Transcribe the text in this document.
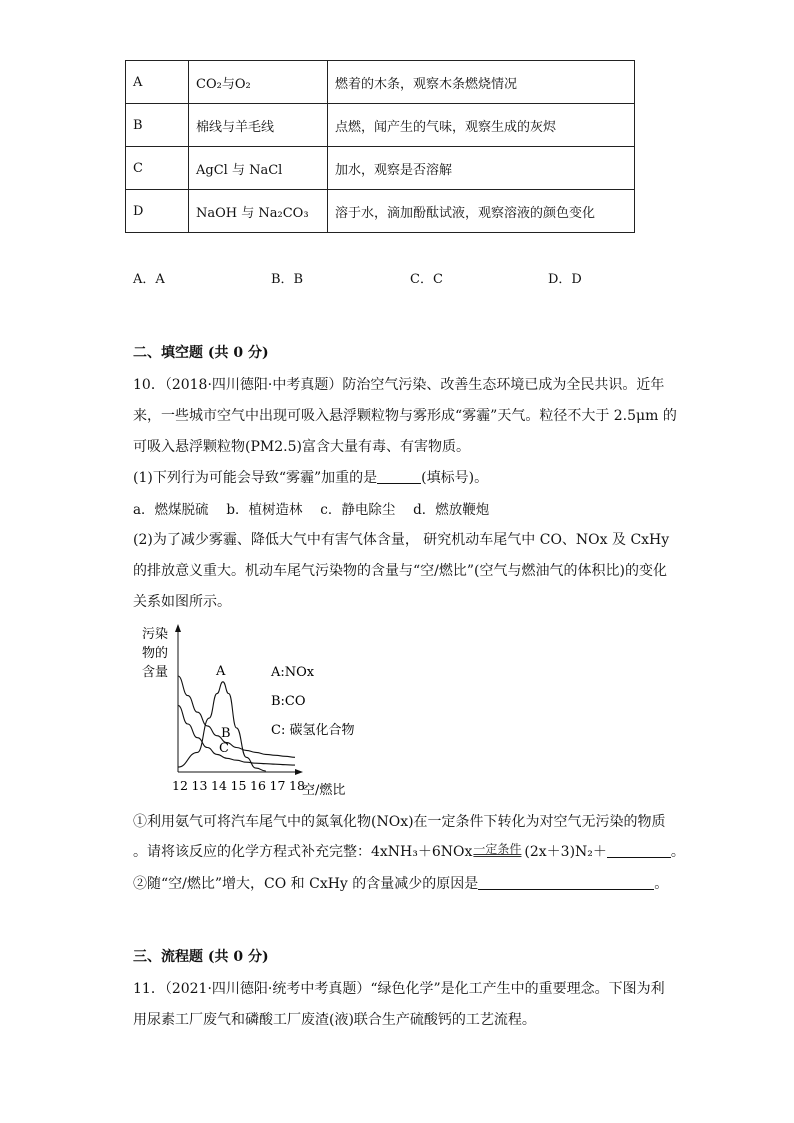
A	CO₂与O₂	燃着的木条，观察木条燃烧情况
B	棉线与羊毛线	点燃，闻产生的气味，观察生成的灰烬
C	AgCl 与 NaCl	加水，观察是否溶解
D	NaOH 与 Na₂CO₃	溶于水，滴加酚酞试液，观察溶液的颜色变化
A．A	B．B	C．C	D．D
二、填空题 (共 0 分)
10．（2018·四川德阳·中考真题）防治空气污染、改善生态环境已成为全民共识。近年
来，一些城市空气中出现可吸入悬浮颗粒物与雾形成“雾霾”天气。粒径不大于 2.5μm 的
可吸入悬浮颗粒物(PM2.5)富含大量有毒、有害物质。
(1)下列行为可能会导致“雾霾”加重的是	(填标号)。
a．燃煤脱硫　 b．植树造林　 c．静电除尘　 d．燃放鞭炮
(2)为了减少雾霾、降低大气中有害气体含量， 研究机动车尾气中 CO、NOx 及 CxHy
的排放意义重大。机动车尾气污染物的含量与“空/燃比”(空气与燃油气的体积比)的变化
关系如图所示。
污染
物的
含量
12 13 14 15 16 17 18
空/燃比
A
B
C
A:NOx
B:CO
C: 碳氢化合物
①利用氨气可将汽车尾气中的氮氧化物(NOx)在一定条件下转化为对空气无污染的物质
。请将该反应的化学方程式补充完整：4xNH₃＋6NOx 一定条件 (2x＋3)N₂＋	。
②随“空/燃比”增大，CO 和 CxHy 的含量减少的原因是	。
三、流程题 (共 0 分)
11．（2021·四川德阳·统考中考真题）“绿色化学”是化工产生中的重要理念。下图为利
用尿素工厂废气和磷酸工厂废渣(液)联合生产硫酸钙的工艺流程。
